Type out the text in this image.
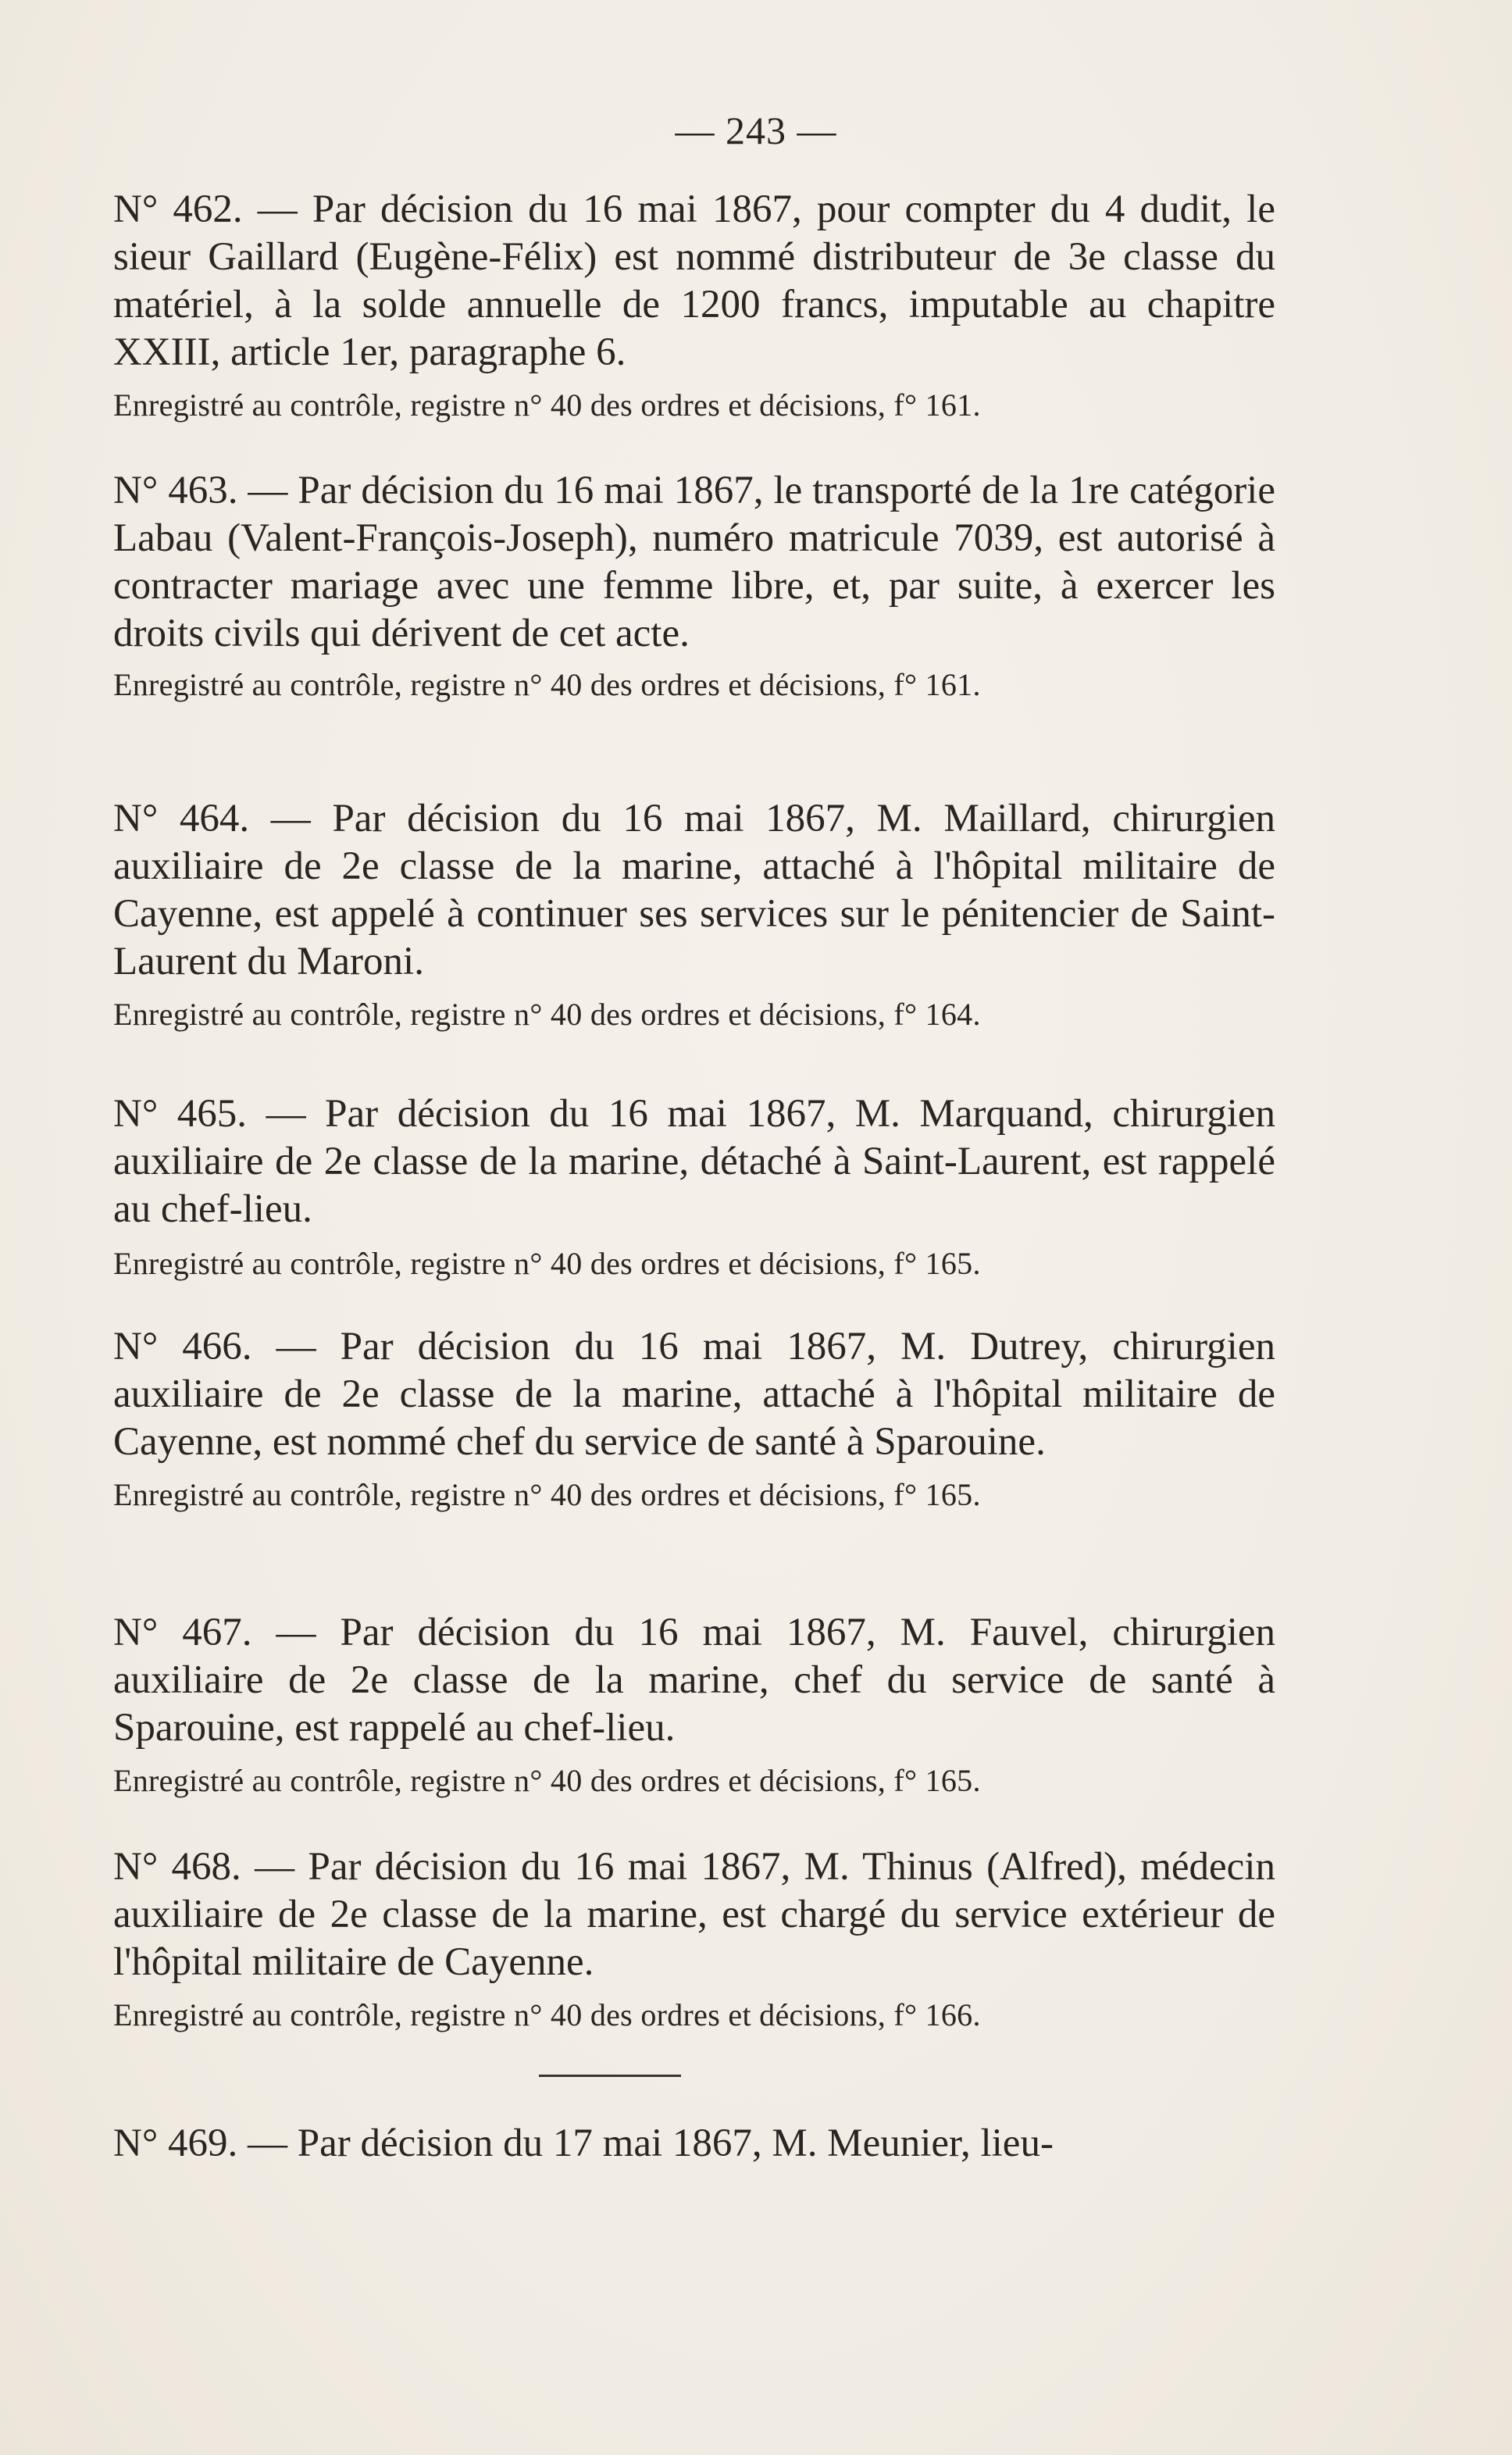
— 243 —

N° 462. — Par décision du 16 mai 1867, pour compter du 4 dudit, le sieur Gaillard (Eugène-Félix) est nommé distributeur de 3e classe du matériel, à la solde annuelle de 1200 francs, imputable au chapitre XXIII, article 1er, paragraphe 6.

Enregistré au contrôle, registre n° 40 des ordres et décisions, f° 161.

N° 463. — Par décision du 16 mai 1867, le transporté de la 1re catégorie Labau (Valent-François-Joseph), numéro matricule 7039, est autorisé à contracter mariage avec une femme libre, et, par suite, à exercer les droits civils qui dérivent de cet acte.

Enregistré au contrôle, registre n° 40 des ordres et décisions, f° 161.

N° 464. — Par décision du 16 mai 1867, M. Maillard, chirurgien auxiliaire de 2e classe de la marine, attaché à l'hôpital militaire de Cayenne, est appelé à continuer ses services sur le pénitencier de Saint-Laurent du Maroni.

Enregistré au contrôle, registre n° 40 des ordres et décisions, f° 164.

N° 465. — Par décision du 16 mai 1867, M. Marquand, chirurgien auxiliaire de 2e classe de la marine, détaché à Saint-Laurent, est rappelé au chef-lieu.

Enregistré au contrôle, registre n° 40 des ordres et décisions, f° 165.

N° 466. — Par décision du 16 mai 1867, M. Dutrey, chirurgien auxiliaire de 2e classe de la marine, attaché à l'hôpital militaire de Cayenne, est nommé chef du service de santé à Sparouine.

Enregistré au contrôle, registre n° 40 des ordres et décisions, f° 165.

N° 467. — Par décision du 16 mai 1867, M. Fauvel, chirurgien auxiliaire de 2e classe de la marine, chef du service de santé à Sparouine, est rappelé au chef-lieu.

Enregistré au contrôle, registre n° 40 des ordres et décisions, f° 165.

N° 468. — Par décision du 16 mai 1867, M. Thinus (Alfred), médecin auxiliaire de 2e classe de la marine, est chargé du service extérieur de l'hôpital militaire de Cayenne.

Enregistré au contrôle, registre n° 40 des ordres et décisions, f° 166.

N° 469. — Par décision du 17 mai 1867, M. Meunier, lieu-
